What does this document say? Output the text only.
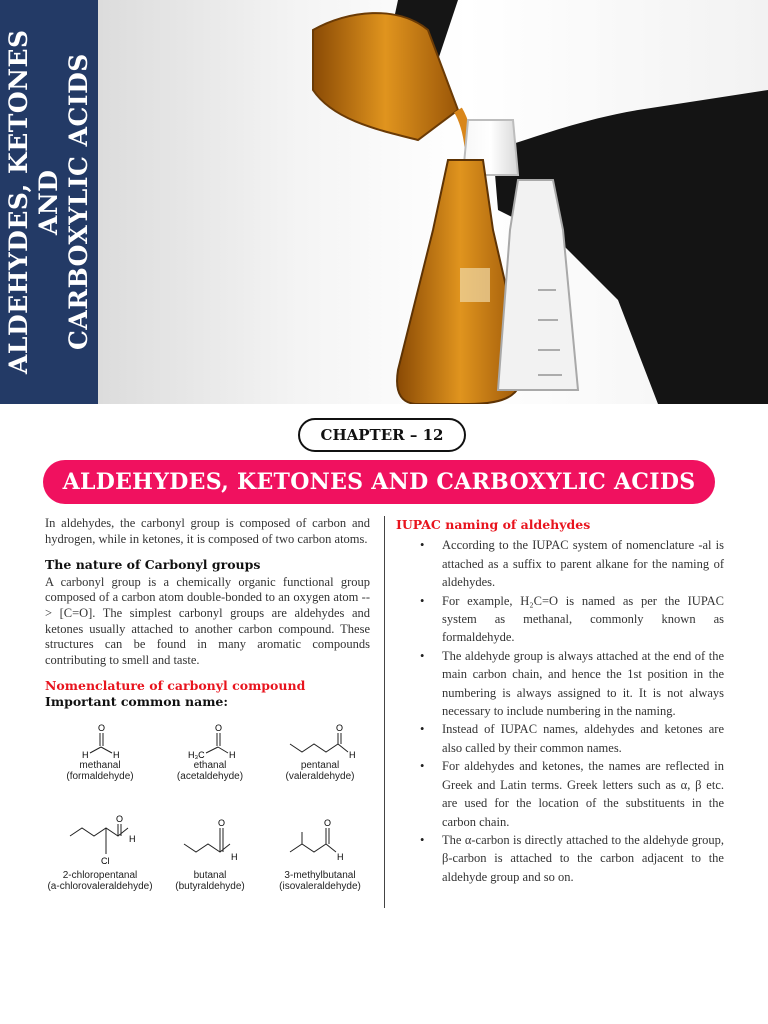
ALDEHYDES, KETONES AND
CARBOXYLIC ACIDS
CHAPTER – 12
ALDEHYDES, KETONES AND CARBOXYLIC ACIDS

In aldehydes, the carbonyl group is composed of carbon and hydrogen, while in ketones, it is composed of two carbon atoms.

The nature of Carbonyl groups

A carbonyl group is a chemically organic functional group composed of a carbon atom double-bonded to an oxygen atom --> [C=O]. The simplest carbonyl groups are aldehydes and ketones usually attached to another carbon compound. These structures can be found in many aromatic compounds contributing to smell and taste.

Nomenclature of carbonyl compound
Important common name:
O
H	H
methanal
(formaldehyde)
O
H₃C	H
ethanal
(acetaldehyde)
O
H
pentanal
(valeraldehyde)
O
H
Cl
2-chloropentanal
(a-chlorovaleraldehyde)
O
H
butanal
(butyraldehyde)
O
H
3-methylbutanal
(isovaleraldehyde)
IUPAC naming of aldehydes
• According to the IUPAC system of nomenclature -al is attached as a suffix to parent alkane for the naming of aldehydes.
• For example, H₂C=O is named as per the IUPAC system as methanal, commonly known as formaldehyde.
• The aldehyde group is always attached at the end of the main carbon chain, and hence the 1st position in the numbering is always assigned to it. It is not always necessary to include numbering in the naming.
• Instead of IUPAC names, aldehydes and ketones are also called by their common names.
• For aldehydes and ketones, the names are reflected in Greek and Latin terms. Greek letters such as α, β etc. are used for the location of the substituents in the carbon chain.
• The α-carbon is directly attached to the aldehyde group, β-carbon is attached to the carbon adjacent to the aldehyde group and so on.
